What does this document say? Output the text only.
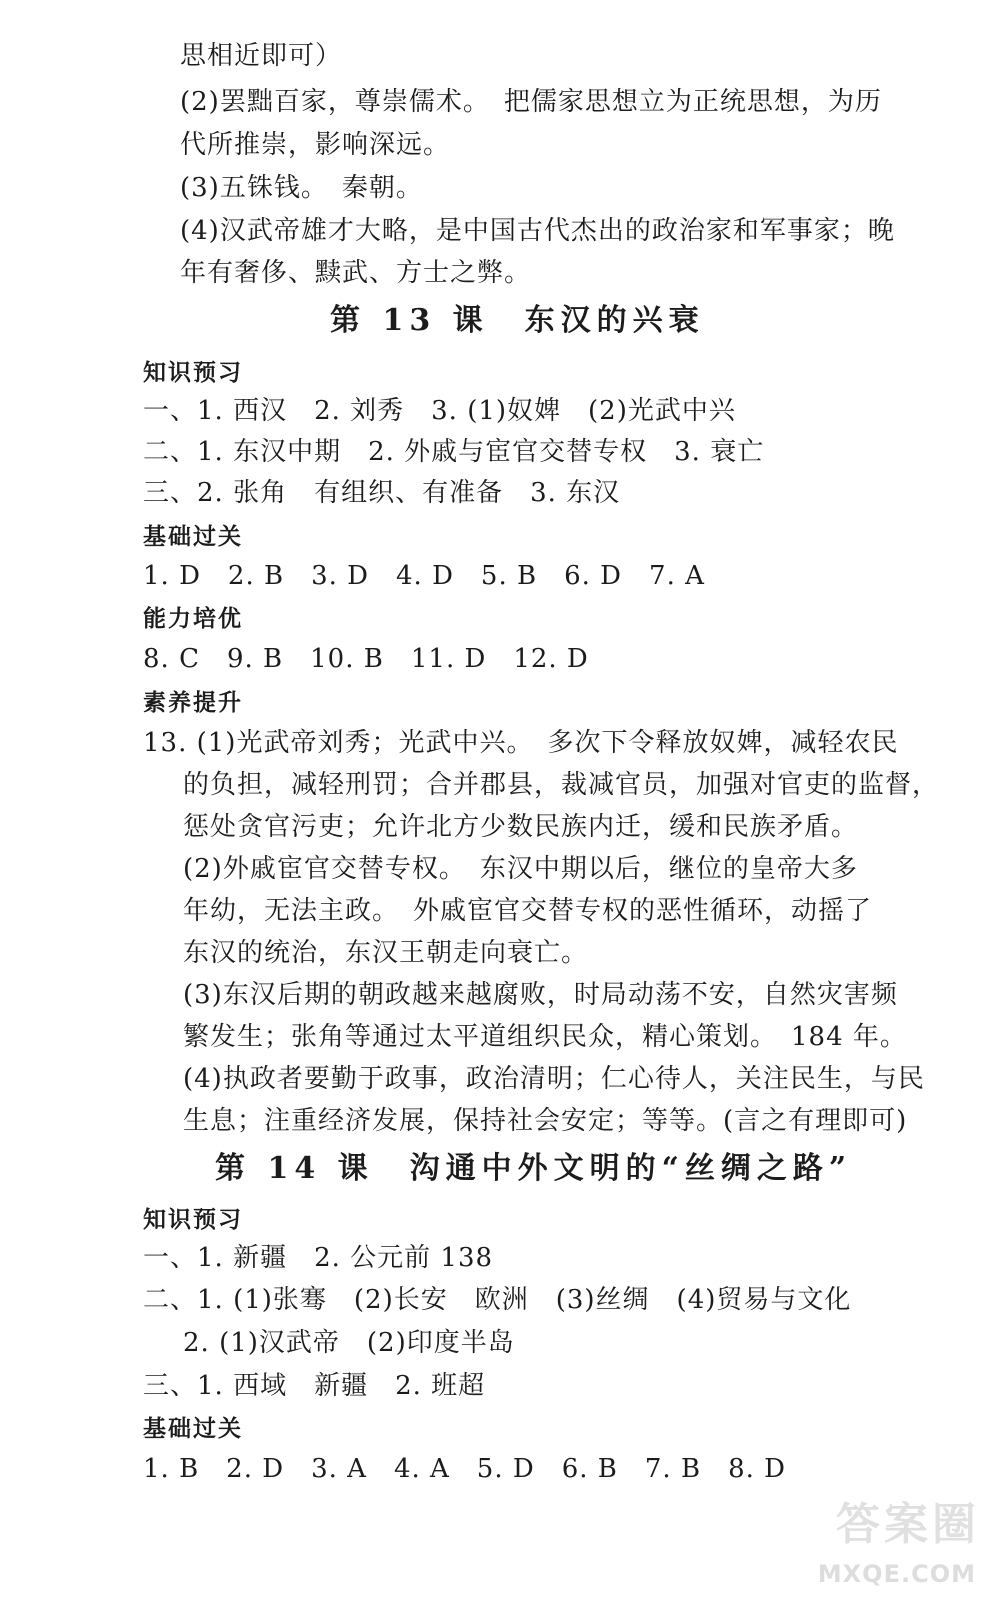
思相近即可）
(2)罢黜百家，尊崇儒术。　把儒家思想立为正统思想，为历
代所推崇，影响深远。
(3)五铢钱。　秦朝。
(4)汉武帝雄才大略，是中国古代杰出的政治家和军事家；晚
年有奢侈、黩武、方士之弊。
第 13 课　东汉的兴衰
知识预习
一、1. 西汉　2. 刘秀　3. (1)奴婢　(2)光武中兴
二、1. 东汉中期　2. 外戚与宦官交替专权　3. 衰亡
三、2. 张角　有组织、有准备　3. 东汉
基础过关
1. D　2. B　3. D　4. D　5. B　6. D　7. A
能力培优
8. C　9. B　10. B　11. D　12. D
素养提升
13. (1)光武帝刘秀；光武中兴。　多次下令释放奴婢，减轻农民
的负担，减轻刑罚；合并郡县，裁减官员，加强对官吏的监督，
惩处贪官污吏；允许北方少数民族内迁，缓和民族矛盾。
(2)外戚宦官交替专权。　东汉中期以后，继位的皇帝大多
年幼，无法主政。　外戚宦官交替专权的恶性循环，动摇了
东汉的统治，东汉王朝走向衰亡。
(3)东汉后期的朝政越来越腐败，时局动荡不安，自然灾害频
繁发生；张角等通过太平道组织民众，精心策划。　184 年。
(4)执政者要勤于政事，政治清明；仁心待人，关注民生，与民
生息；注重经济发展，保持社会安定；等等。(言之有理即可)
第 14 课　沟通中外文明的“丝绸之路”
知识预习
一、1. 新疆　2. 公元前 138
二、1. (1)张骞　(2)长安　欧洲　(3)丝绸　(4)贸易与文化
2. (1)汉武帝　(2)印度半岛
三、1. 西域　新疆　2. 班超
基础过关
1. B　2. D　3. A　4. A　5. D　6. B　7. B　8. D
答案圈
MXQE.COM
